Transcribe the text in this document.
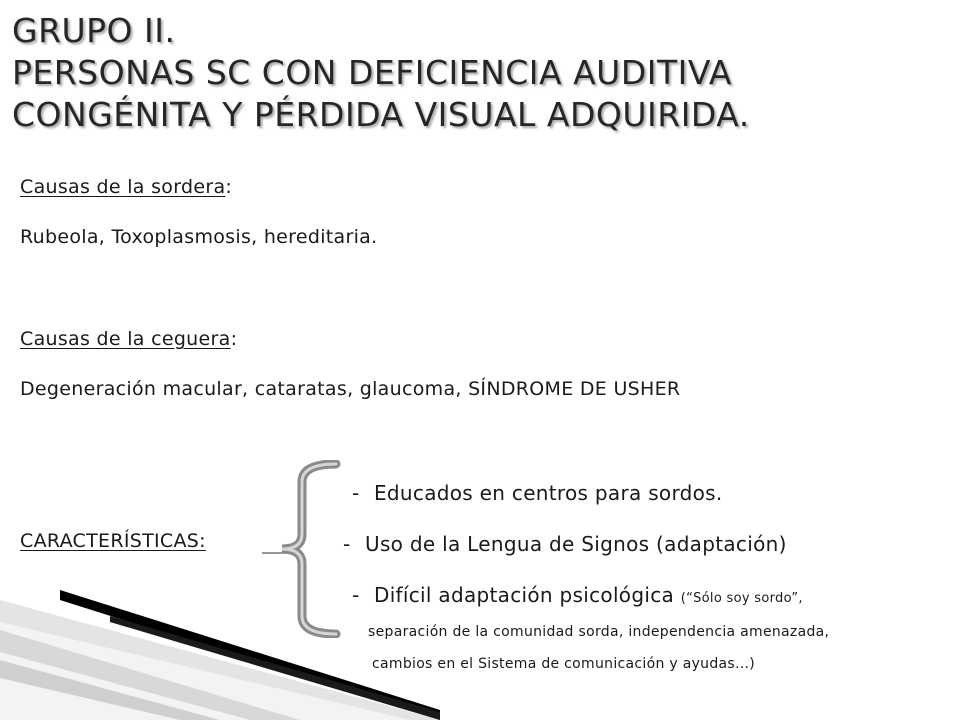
GRUPO II.
PERSONAS SC CON DEFICIENCIA AUDITIVA
CONGÉNITA Y PÉRDIDA VISUAL ADQUIRIDA.
Causas de la sordera:
Rubeola, Toxoplasmosis, hereditaria.
Causas de la ceguera:
Degeneración macular, cataratas, glaucoma, SÍNDROME DE USHER
CARACTERÍSTICAS:
- Educados en centros para sordos.
- Uso de la Lengua de Signos (adaptación)
- Difícil adaptación psicológica (“Sólo soy sordo”,
separación de la comunidad sorda, independencia amenazada,
cambios en el Sistema de comunicación y ayudas…)
